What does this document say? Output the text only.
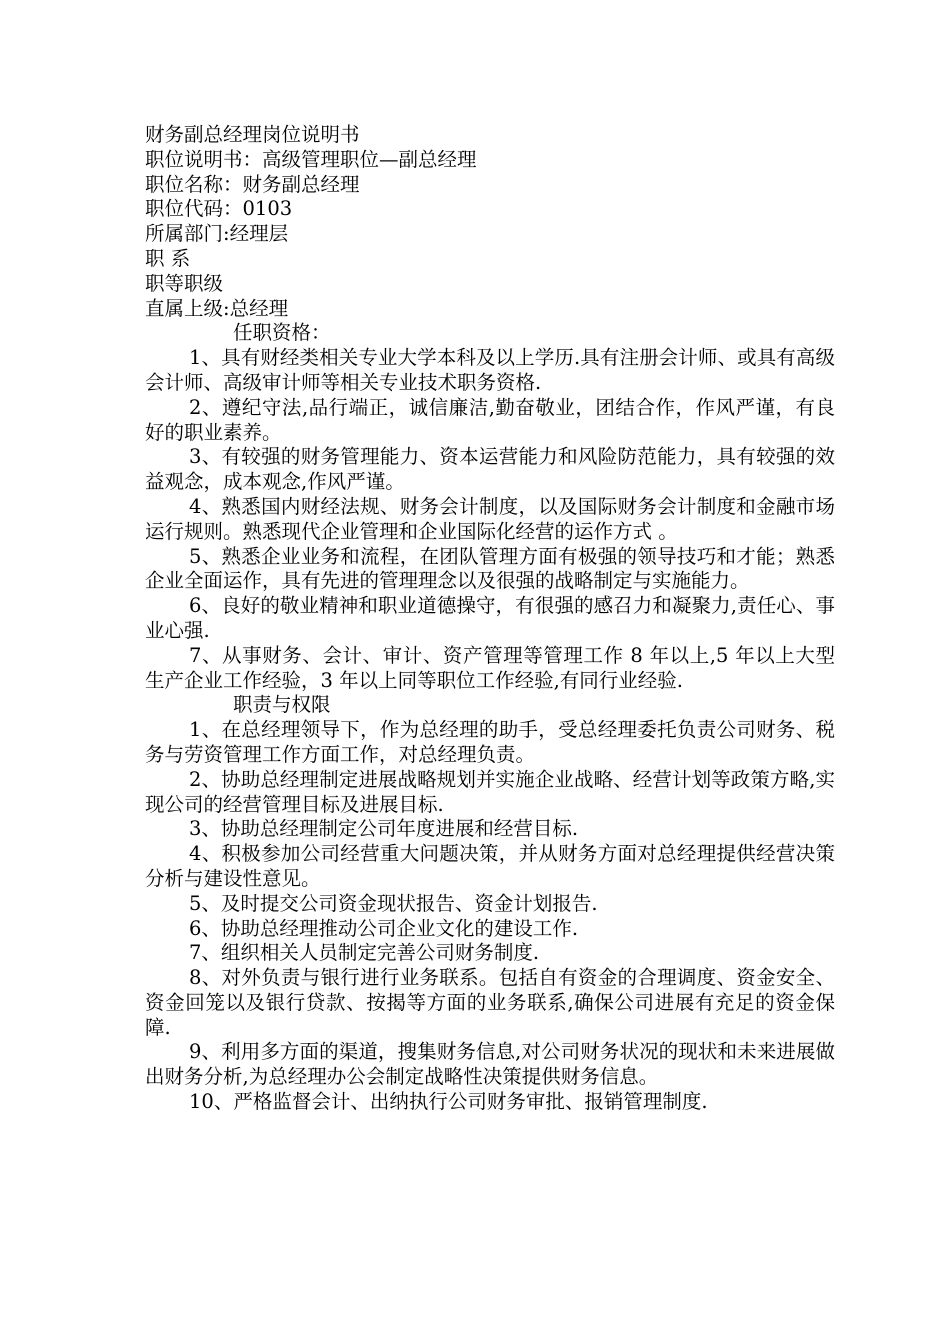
财务副总经理岗位说明书
职位说明书：高级管理职位—副总经理
职位名称：财务副总经理
职位代码：0103
所属部门:经理层
职 系
职等职级
直属上级:总经理
任职资格：
1、具有财经类相关专业大学本科及以上学历.具有注册会计师、或具有高级会计师、高级审计师等相关专业技术职务资格.
2、遵纪守法,品行端正，诚信廉洁,勤奋敬业，团结合作，作风严谨，有良好的职业素养。
3、有较强的财务管理能力、资本运营能力和风险防范能力，具有较强的效益观念，成本观念,作风严谨。
4、熟悉国内财经法规、财务会计制度，以及国际财务会计制度和金融市场运行规则。熟悉现代企业管理和企业国际化经营的运作方式 。
5、熟悉企业业务和流程，在团队管理方面有极强的领导技巧和才能；熟悉企业全面运作，具有先进的管理理念以及很强的战略制定与实施能力。
6、良好的敬业精神和职业道德操守，有很强的感召力和凝聚力,责任心、事业心强.
7、从事财务、会计、审计、资产管理等管理工作 8 年以上,5 年以上大型生产企业工作经验，3 年以上同等职位工作经验,有同行业经验.
职责与权限
1、在总经理领导下，作为总经理的助手，受总经理委托负责公司财务、税务与劳资管理工作方面工作，对总经理负责。
2、协助总经理制定进展战略规划并实施企业战略、经营计划等政策方略,实现公司的经营管理目标及进展目标.
3、协助总经理制定公司年度进展和经营目标.
4、积极参加公司经营重大问题决策，并从财务方面对总经理提供经营决策分析与建设性意见。
5、及时提交公司资金现状报告、资金计划报告.
6、协助总经理推动公司企业文化的建设工作.
7、组织相关人员制定完善公司财务制度.
8、对外负责与银行进行业务联系。包括自有资金的合理调度、资金安全、资金回笼以及银行贷款、按揭等方面的业务联系,确保公司进展有充足的资金保障.
9、利用多方面的渠道，搜集财务信息,对公司财务状况的现状和未来进展做出财务分析,为总经理办公会制定战略性决策提供财务信息。
10、严格监督会计、出纳执行公司财务审批、报销管理制度.
